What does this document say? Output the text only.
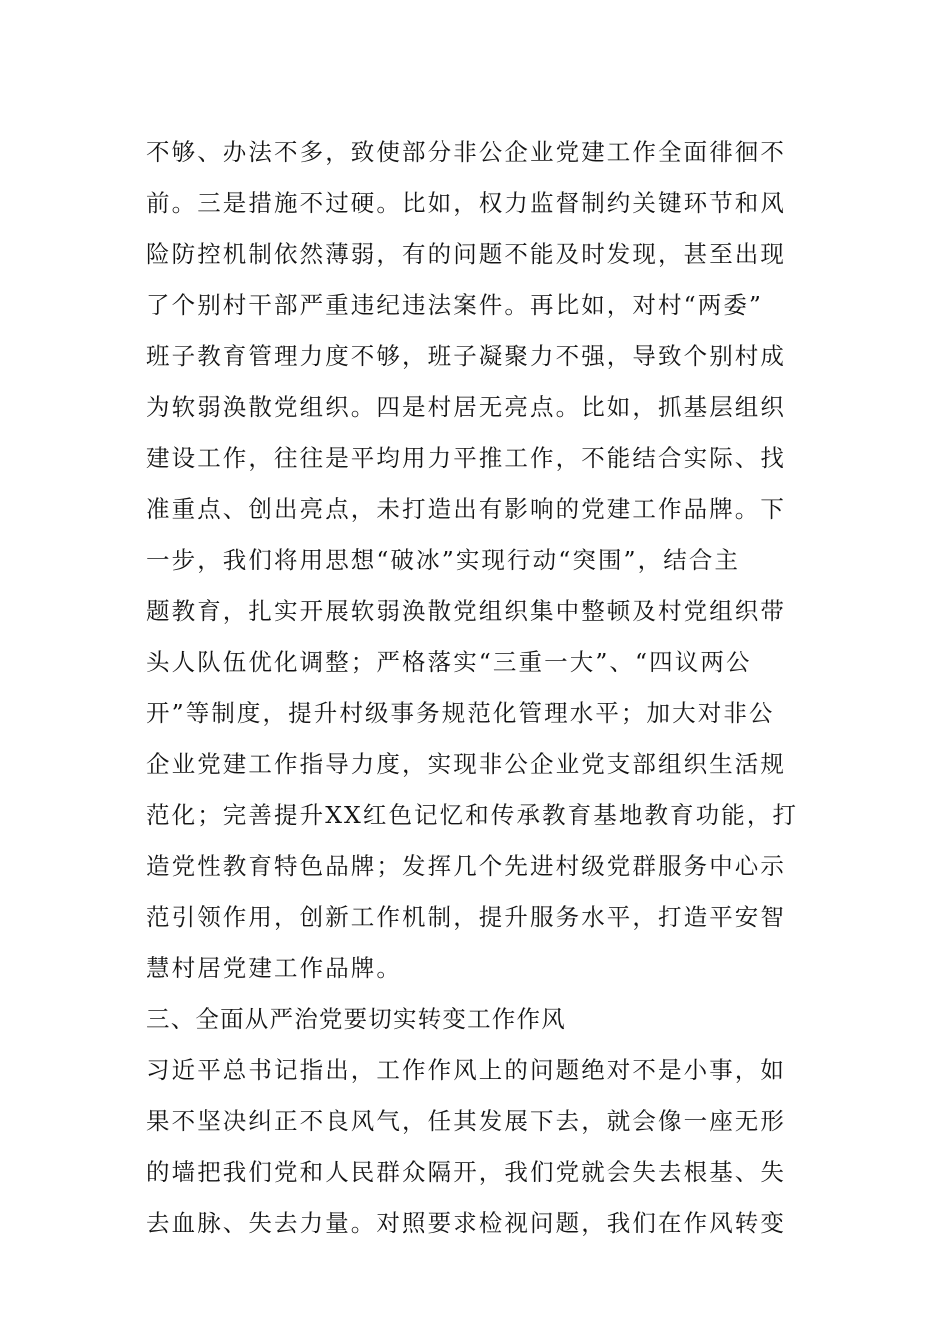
不够、办法不多，致使部分非公企业党建工作全面徘徊不
前。三是措施不过硬。比如，权力监督制约关键环节和风
险防控机制依然薄弱，有的问题不能及时发现，甚至出现
了个别村干部严重违纪违法案件。再比如，对村“两委”
班子教育管理力度不够，班子凝聚力不强，导致个别村成
为软弱涣散党组织。四是村居无亮点。比如，抓基层组织
建设工作，往往是平均用力平推工作，不能结合实际、找
准重点、创出亮点，未打造出有影响的党建工作品牌。下
一步，我们将用思想“破冰”实现行动“突围”，结合主
题教育，扎实开展软弱涣散党组织集中整顿及村党组织带
头人队伍优化调整；严格落实“三重一大”、“四议两公
开”等制度，提升村级事务规范化管理水平；加大对非公
企业党建工作指导力度，实现非公企业党支部组织生活规
范化；完善提升XX红色记忆和传承教育基地教育功能，打
造党性教育特色品牌；发挥几个先进村级党群服务中心示
范引领作用，创新工作机制，提升服务水平，打造平安智
慧村居党建工作品牌。
三、全面从严治党要切实转变工作作风
习近平总书记指出，工作作风上的问题绝对不是小事，如
果不坚决纠正不良风气，任其发展下去，就会像一座无形
的墙把我们党和人民群众隔开，我们党就会失去根基、失
去血脉、失去力量。对照要求检视问题，我们在作风转变
